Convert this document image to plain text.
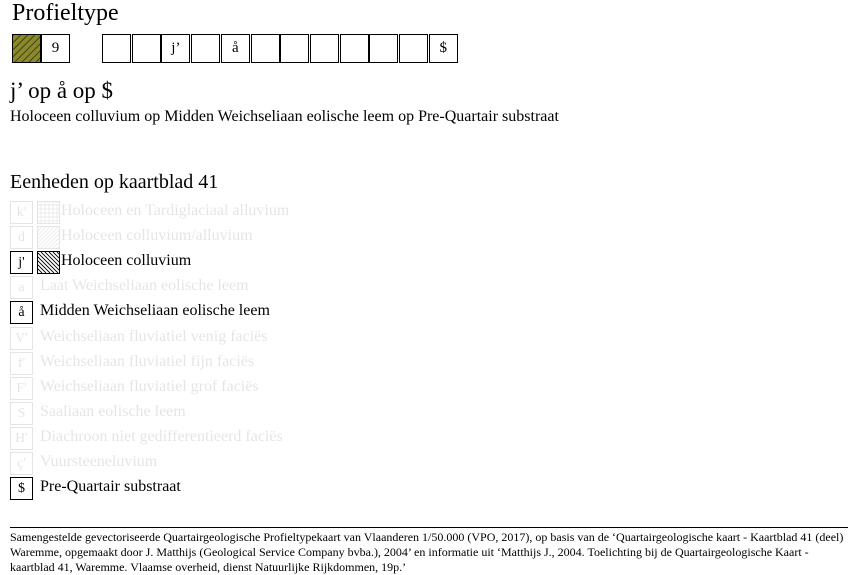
Profieltype
9	j’	å	$
j’ op å op $
Holoceen colluvium op Midden Weichseliaan eolische leem op Pre-Quartair substraat
Eenheden op kaartblad 41
k'	Holoceen en Tardiglaciaal alluvium
d	Holoceen colluvium/alluvium
j'	Holoceen colluvium
a Laat Weichseliaan eolische leem
å Midden Weichseliaan eolische leem
V' Weichseliaan fluviatiel venig faciës
f' Weichseliaan fluviatiel fijn faciës
F' Weichseliaan fluviatiel grof faciës
S Saaliaan eolische leem
H' Diachroon niet gedifferentieerd faciës
ç' Vuursteeneluvium
$ Pre-Quartair substraat
Samengestelde gevectoriseerde Quartairgeologische Profieltypekaart van Vlaanderen 1/50.000 (VPO, 2017), op basis van de ‘Quartairgeologische kaart - Kaartblad 41 (deel) Waremme, opgemaakt door J. Matthijs (Geological Service Company bvba.), 2004’ en informatie uit ‘Matthijs J., 2004. Toelichting bij de Quartairgeologische Kaart - kaartblad 41, Waremme. Vlaamse overheid, dienst Natuurlijke Rijkdommen, 19p.’
